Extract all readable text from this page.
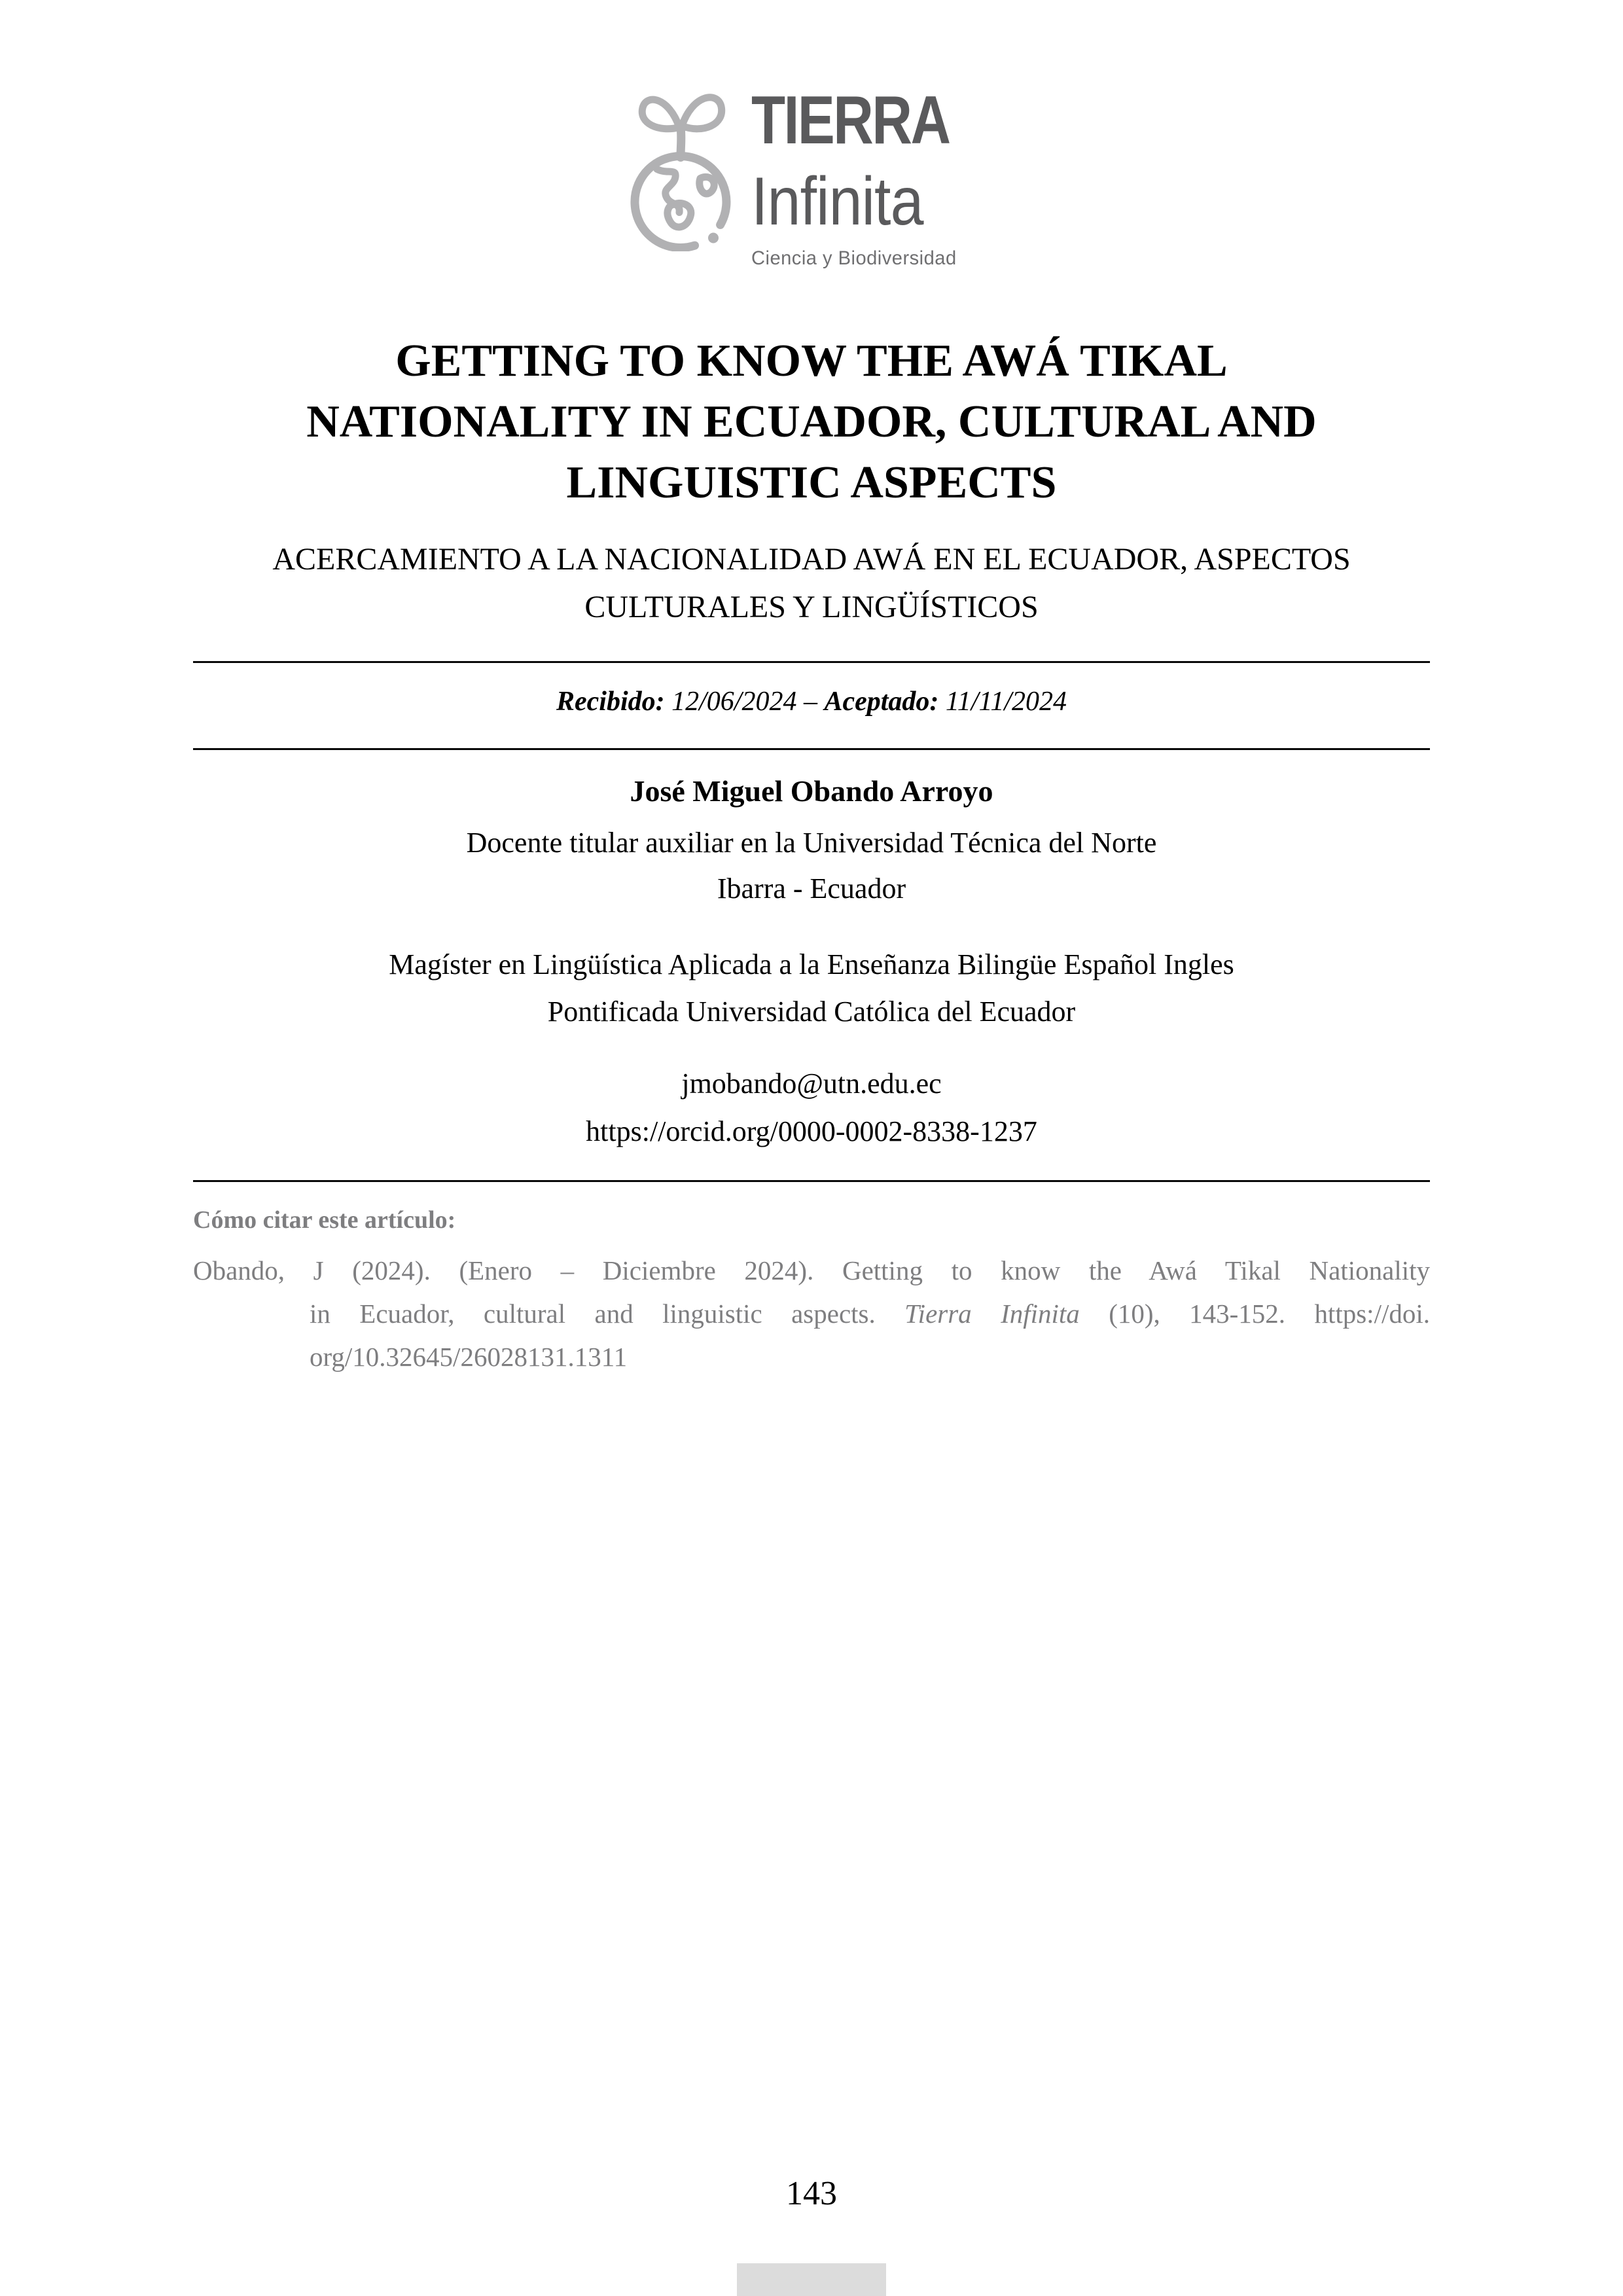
TIERRA
Infinita
Ciencia y Biodiversidad
GETTING TO KNOW THE AWÁ TIKAL
NATIONALITY IN ECUADOR, CULTURAL AND
LINGUISTIC ASPECTS
ACERCAMIENTO A LA NACIONALIDAD AWÁ EN EL ECUADOR, ASPECTOS
CULTURALES Y LINGÜÍSTICOS
Recibido: 12/06/2024 – Aceptado: 11/11/2024
José Miguel Obando Arroyo
Docente titular auxiliar en la Universidad Técnica del Norte
Ibarra - Ecuador
Magíster en Lingüística Aplicada a la Enseñanza Bilingüe Español Ingles
Pontificada Universidad Católica del Ecuador
jmobando@utn.edu.ec
https://orcid.org/0000-0002-8338-1237
Cómo citar este artículo:
Obando, J (2024). (Enero – Diciembre 2024). Getting to know the Awá Tikal Nationality
in Ecuador, cultural and linguistic aspects. Tierra Infinita (10), 143-152. https://doi.
org/10.32645/26028131.1311
143
